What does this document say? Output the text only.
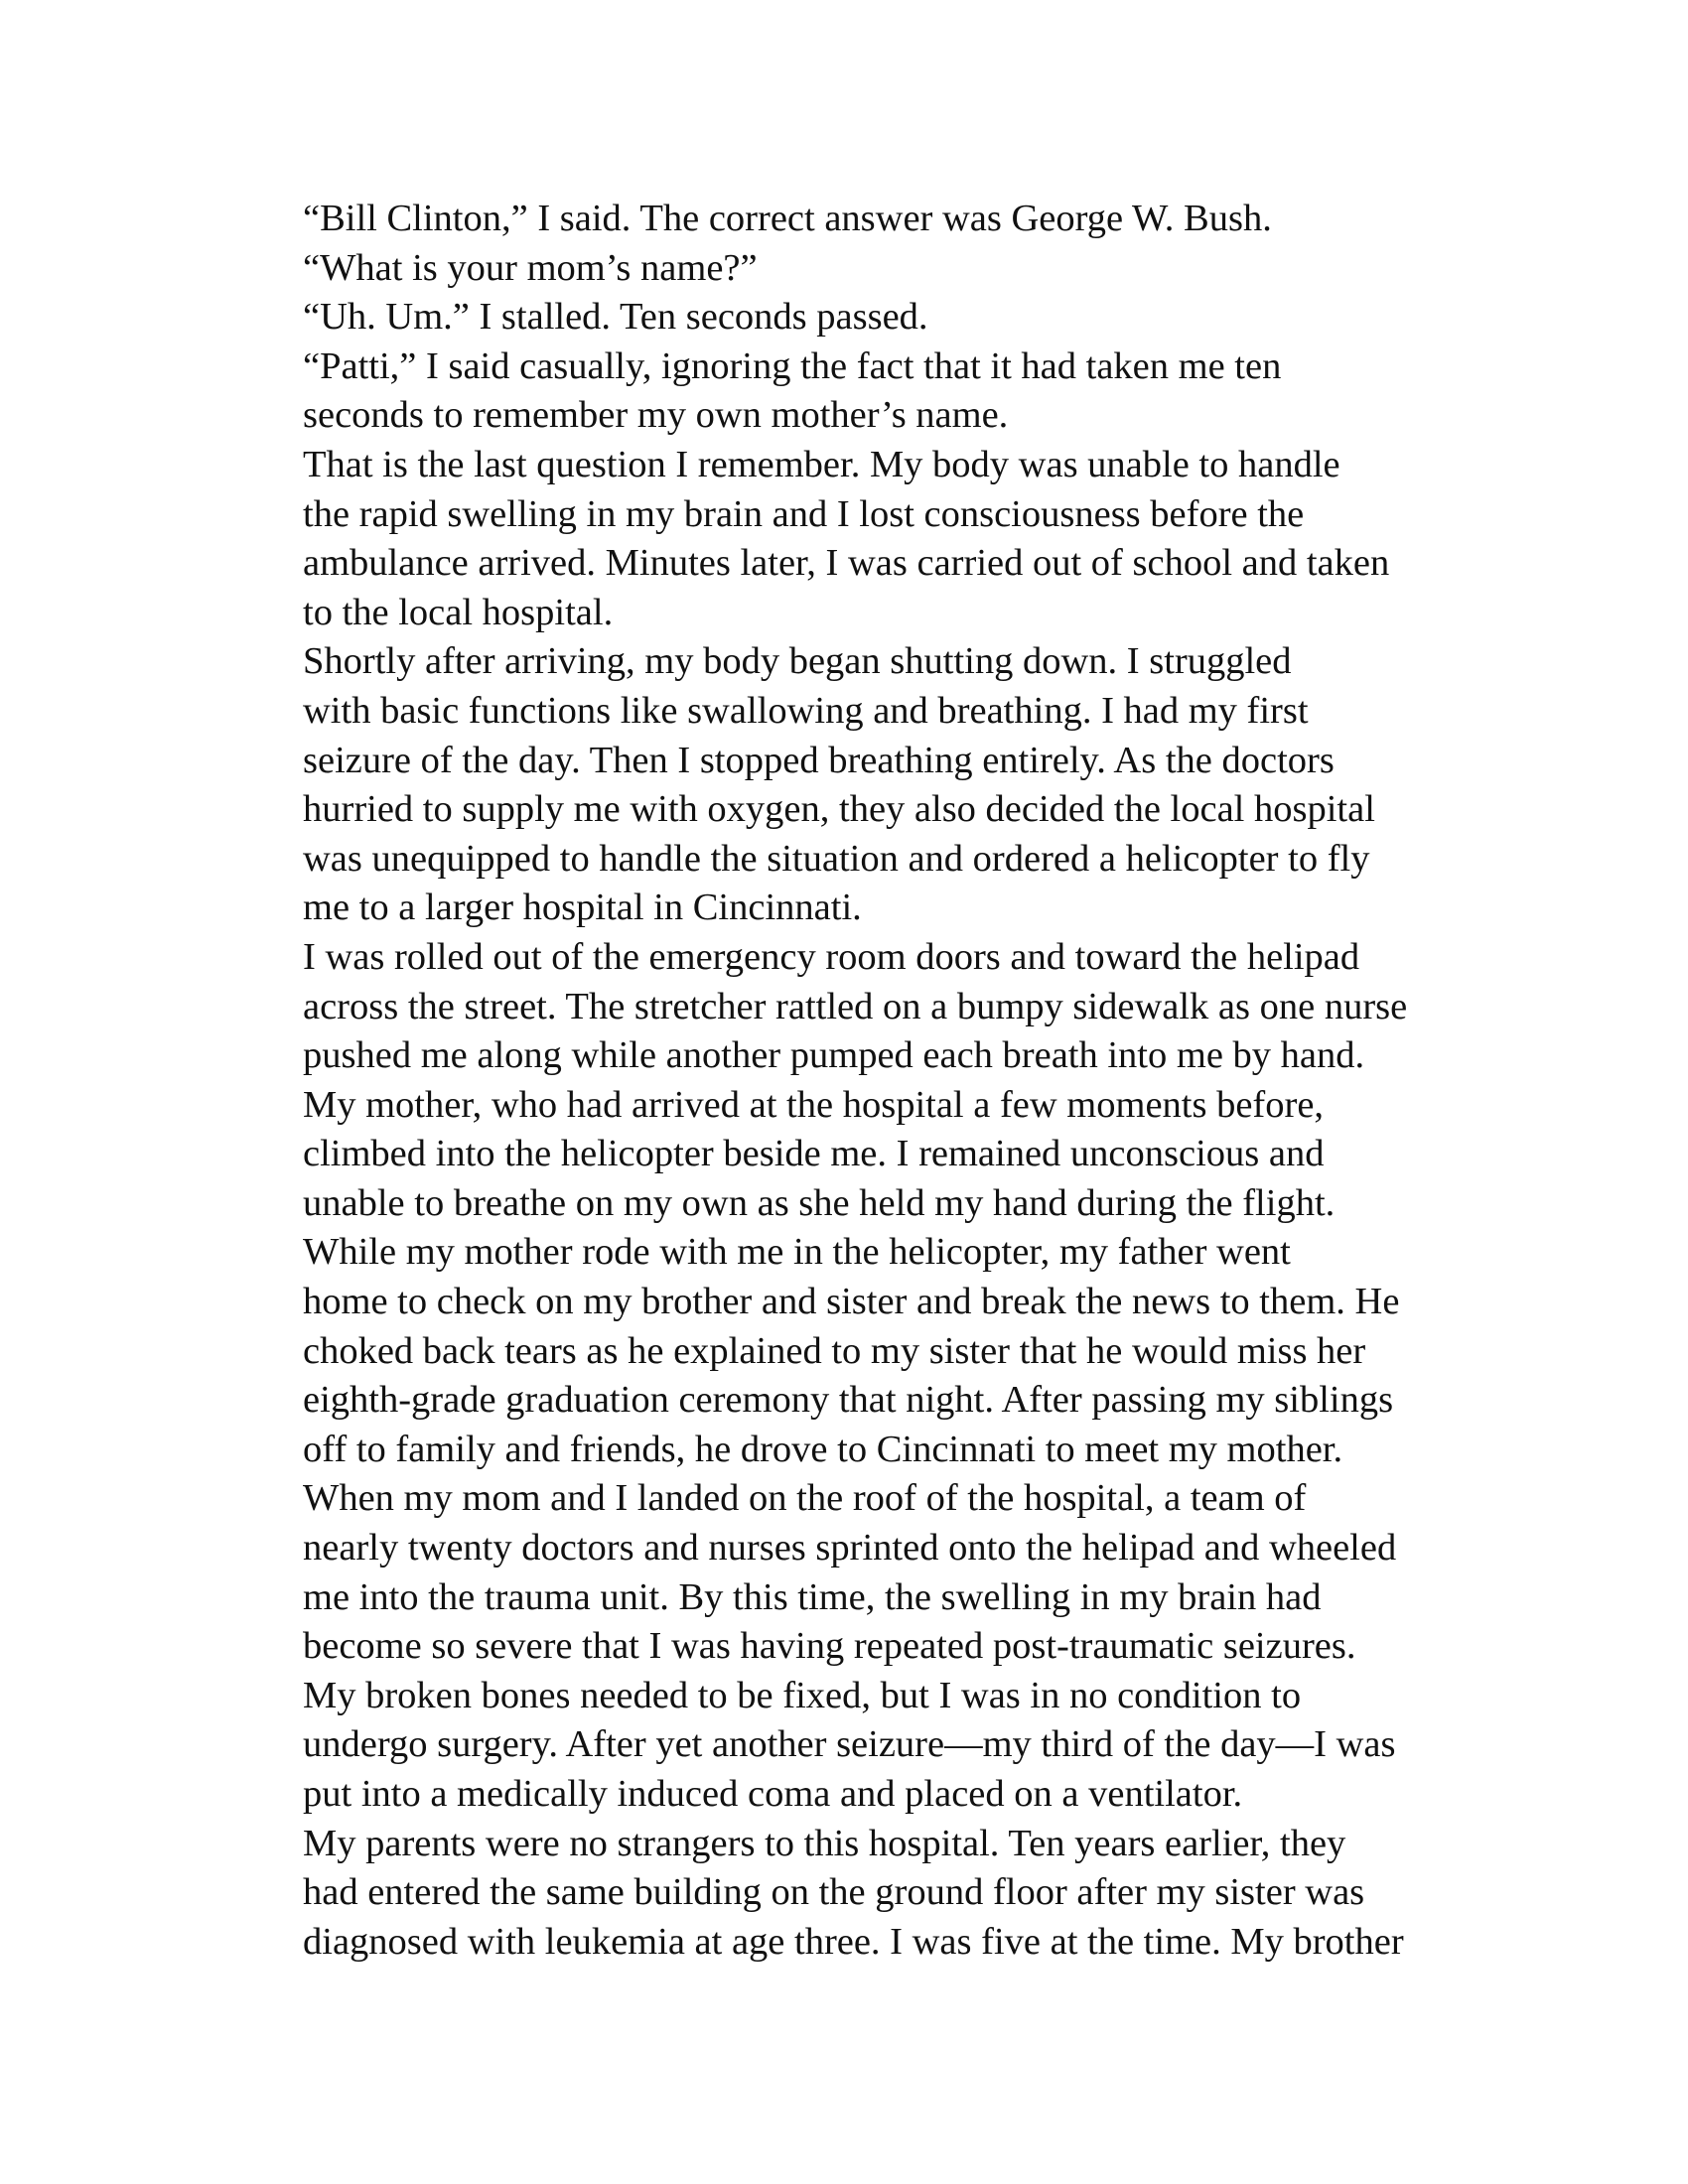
“Bill Clinton,” I said. The correct answer was George W. Bush.

“What is your mom’s name?”

“Uh. Um.” I stalled. Ten seconds passed.

“Patti,” I said casually, ignoring the fact that it had taken me ten
seconds to remember my own mother’s name.

That is the last question I remember. My body was unable to handle
the rapid swelling in my brain and I lost consciousness before the
ambulance arrived. Minutes later, I was carried out of school and taken
to the local hospital.

Shortly after arriving, my body began shutting down. I struggled
with basic functions like swallowing and breathing. I had my first
seizure of the day. Then I stopped breathing entirely. As the doctors
hurried to supply me with oxygen, they also decided the local hospital
was unequipped to handle the situation and ordered a helicopter to fly
me to a larger hospital in Cincinnati.

I was rolled out of the emergency room doors and toward the helipad
across the street. The stretcher rattled on a bumpy sidewalk as one nurse
pushed me along while another pumped each breath into me by hand.
My mother, who had arrived at the hospital a few moments before,
climbed into the helicopter beside me. I remained unconscious and
unable to breathe on my own as she held my hand during the flight.

While my mother rode with me in the helicopter, my father went
home to check on my brother and sister and break the news to them. He
choked back tears as he explained to my sister that he would miss her
eighth-grade graduation ceremony that night. After passing my siblings
off to family and friends, he drove to Cincinnati to meet my mother.

When my mom and I landed on the roof of the hospital, a team of
nearly twenty doctors and nurses sprinted onto the helipad and wheeled
me into the trauma unit. By this time, the swelling in my brain had
become so severe that I was having repeated post-traumatic seizures.
My broken bones needed to be fixed, but I was in no condition to
undergo surgery. After yet another seizure—my third of the day—I was
put into a medically induced coma and placed on a ventilator.

My parents were no strangers to this hospital. Ten years earlier, they
had entered the same building on the ground floor after my sister was
diagnosed with leukemia at age three. I was five at the time. My brother
